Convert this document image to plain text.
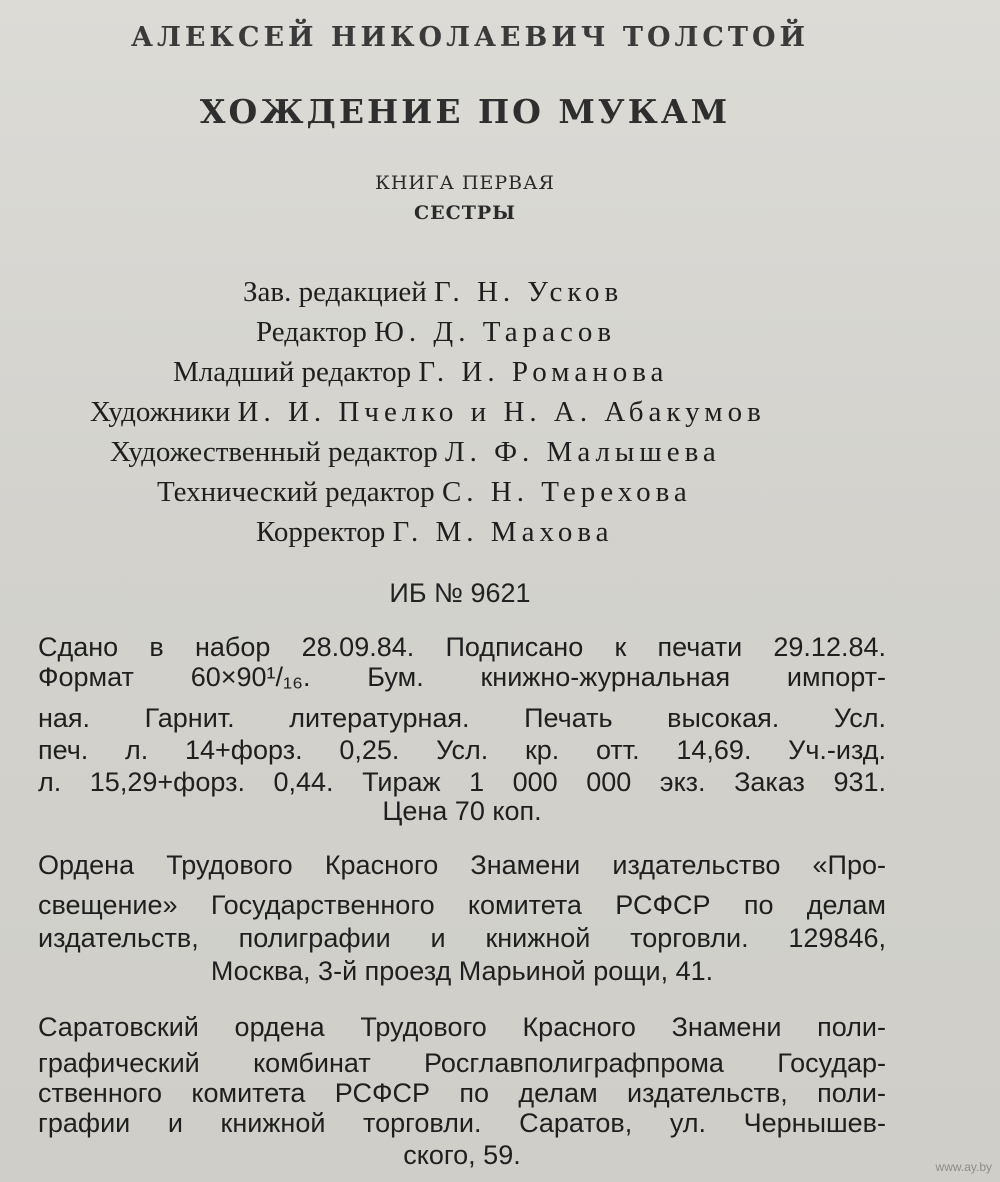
АЛЕКСЕЙ НИКОЛАЕВИЧ ТОЛСТОЙ
ХОЖДЕНИЕ ПО МУКАМ
КНИГА ПЕРВАЯ
СЕСТРЫ
Зав. редакцией Г. Н. Усков
Редактор Ю. Д. Тарасов
Младший редактор Г. И. Романова
Художники И. И. Пчелко и Н. А. Абакумов
Художественный редактор Л. Ф. Малышева
Технический редактор С. Н. Терехова
Корректор Г. М. Махова
ИБ № 9621
Сдано в набор 28.09.84. Подписано к печати 29.12.84.
Формат 60×90¹/₁₆. Бум. книжно-журнальная импорт-
ная. Гарнит. литературная. Печать высокая. Усл.
печ. л. 14+форз. 0,25. Усл. кр. отт. 14,69. Уч.-изд.
л. 15,29+форз. 0,44. Тираж 1 000 000 экз. Заказ 931.
Цена 70 коп.
Ордена Трудового Красного Знамени издательство «Про-
свещение» Государственного комитета РСФСР по делам
издательств, полиграфии и книжной торговли. 129846,
Москва, 3-й проезд Марьиной рощи, 41.
Саратовский ордена Трудового Красного Знамени поли-
графический комбинат Росглавполиграфпрома Государ-
ственного комитета РСФСР по делам издательств, поли-
графии и книжной торговли. Саратов, ул. Чернышев-
ского, 59.	www.ay.by
